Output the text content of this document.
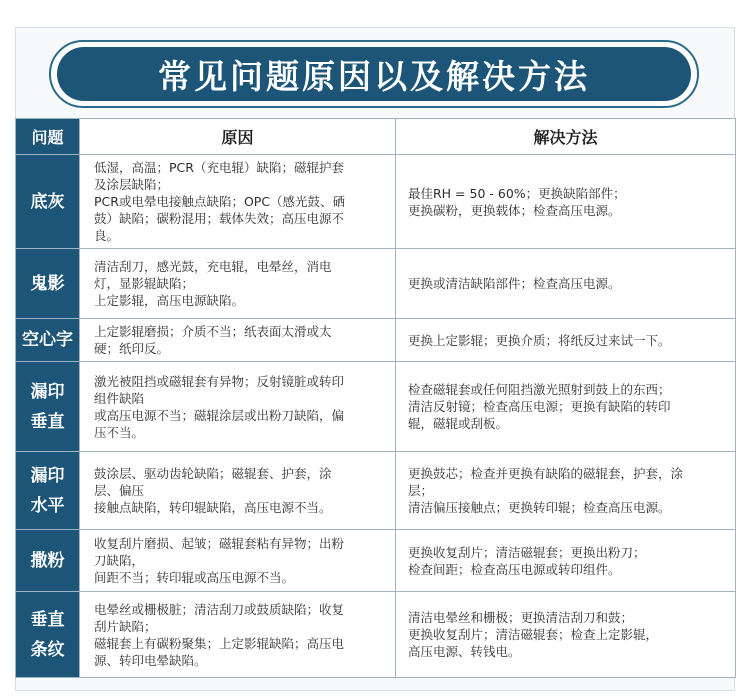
常见问题原因以及解决方法
问题	原因	解决方法

底灰	低湿，高温；PCR（充电辊）缺陷；磁辊护套
及涂层缺陷；
PCR或电晕电接触点缺陷；OPC（感光鼓、硒
鼓）缺陷；碳粉混用；载体失效；高压电源不
良。	最佳RH = 50 - 60%；更换缺陷部件；
更换碳粉，更换载体；检查高压电源。

鬼影	清洁刮刀，感光鼓，充电辊，电晕丝，消电
灯，显影辊缺陷；
上定影辊，高压电源缺陷。	更换或清洁缺陷部件；检查高压电源。

空心字	上定影辊磨损；介质不当；纸表面太滑或太
硬；纸印反。	更换上定影辊；更换介质；将纸反过来试一下。

漏印
垂直	激光被阻挡或磁辊套有异物；反射镜脏或转印
组件缺陷
或高压电源不当；磁辊涂层或出粉刀缺陷，偏
压不当。	检查磁辊套或任何阻挡激光照射到鼓上的东西；
清洁反射镜；检查高压电源；更换有缺陷的转印
辊，磁辊或刮板。

漏印
水平	鼓涂层、驱动齿轮缺陷；磁辊套、护套，涂
层、偏压
接触点缺陷，转印辊缺陷，高压电源不当。	更换鼓芯；检查并更换有缺陷的磁辊套，护套，涂
层；
清洁偏压接触点；更换转印辊；检查高压电源。

撒粉	收复刮片磨损、起皱；磁辊套粘有异物；出粉
刀缺陷，
间距不当；转印辊或高压电源不当。	更换收复刮片；清洁磁辊套；更换出粉刀；
检查间距；检查高压电源或转印组件。

垂直
条纹	电晕丝或栅极脏；清洁刮刀或鼓质缺陷；收复
刮片缺陷；
磁辊套上有碳粉聚集；上定影辊缺陷；高压电
源、转印电晕缺陷。	清洁电晕丝和栅极；更换清洁刮刀和鼓；
更换收复刮片；清洁磁辊套；检查上定影辊，
高压电源、转钱电。
